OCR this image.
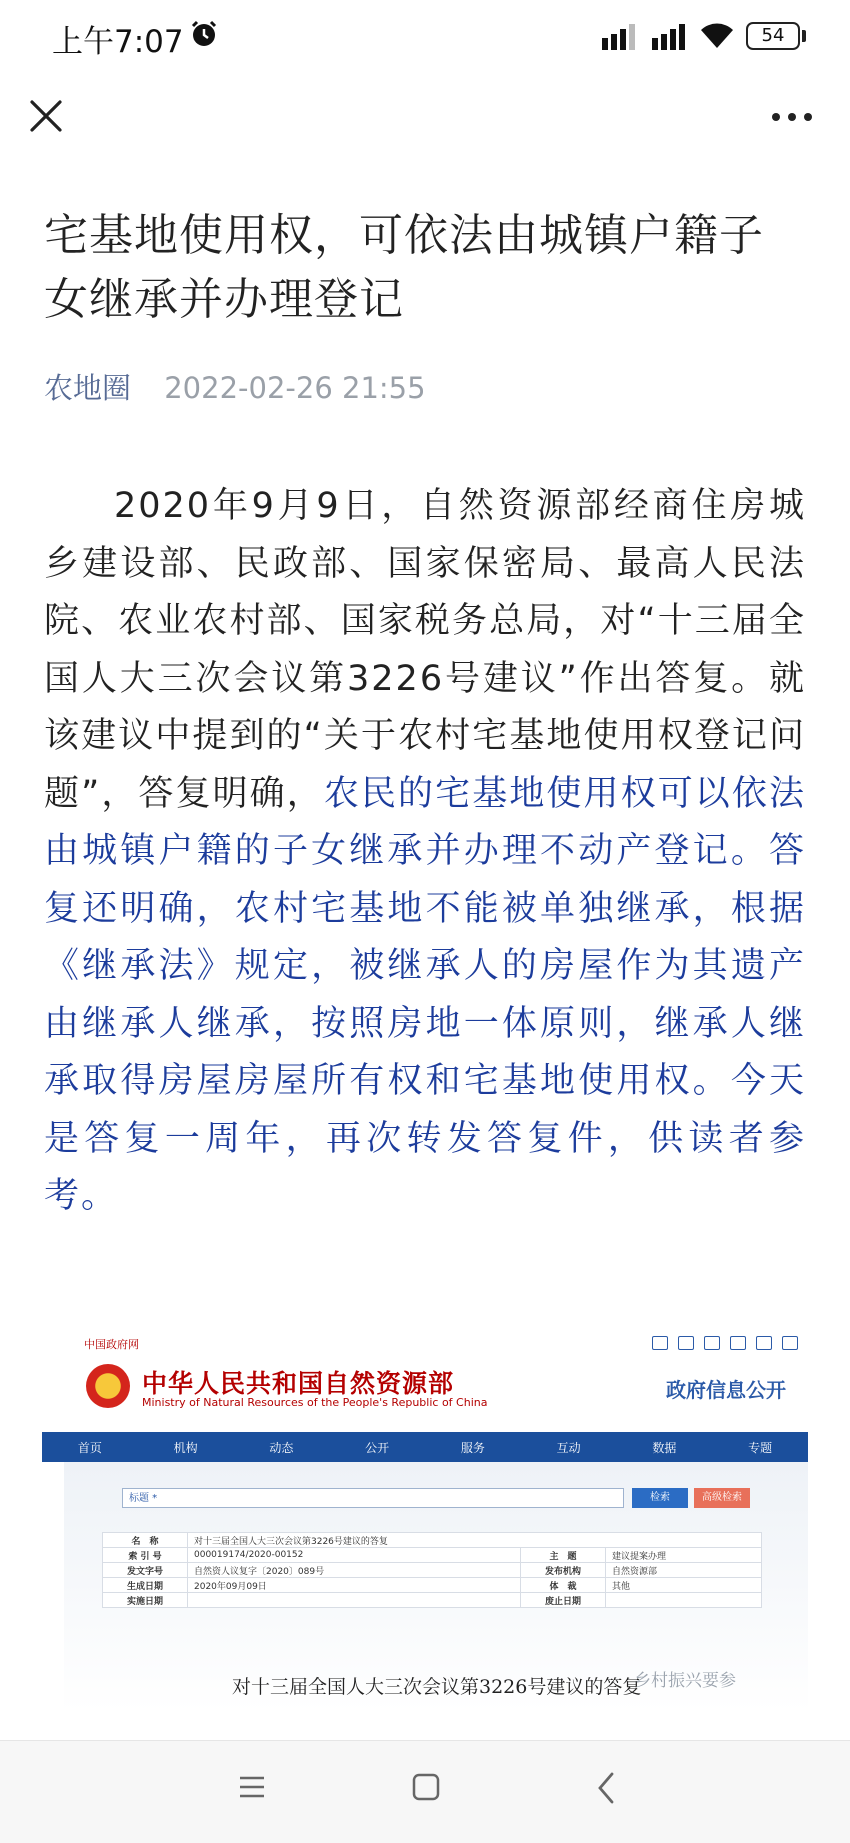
上午7:07	54
宅基地使用权，可依法由城镇户籍子女继承并办理登记
农地圈 2022-02-26 21:55
2020年9月9日，自然资源部经商住房城乡建设部、民政部、国家保密局、最高人民法院、农业农村部、国家税务总局，对“十三届全国人大三次会议第3226号建议”作出答复。就该建议中提到的“关于农村宅基地使用权登记问题”，答复明确，农民的宅基地使用权可以依法由城镇户籍的子女继承并办理不动产登记。答复还明确，农村宅基地不能被单独继承，根据《继承法》规定，被继承人的房屋作为其遗产由继承人继承，按照房地一体原则，继承人继承取得房屋房屋所有权和宅基地使用权。今天是答复一周年，再次转发答复件，供读者参考。
中国政府网
中华人民共和国自然资源部
Ministry of Natural Resources of the People's Republic of China
政府信息公开
首页	机构	动态	公开	服务	互动	数据	专题
标题 *	检索	高级检索
名　称	对十三届全国人大三次会议第3226号建议的答复		
索 引 号	000019174/2020-00152	主　题	建议提案办理
发文字号	自然资人议复字〔2020〕089号	发布机构	自然资源部
生成日期	2020年09月09日	体　裁	其他
实施日期		废止日期	
对十三届全国人大三次会议第3226号建议的答复
乡村振兴要参
